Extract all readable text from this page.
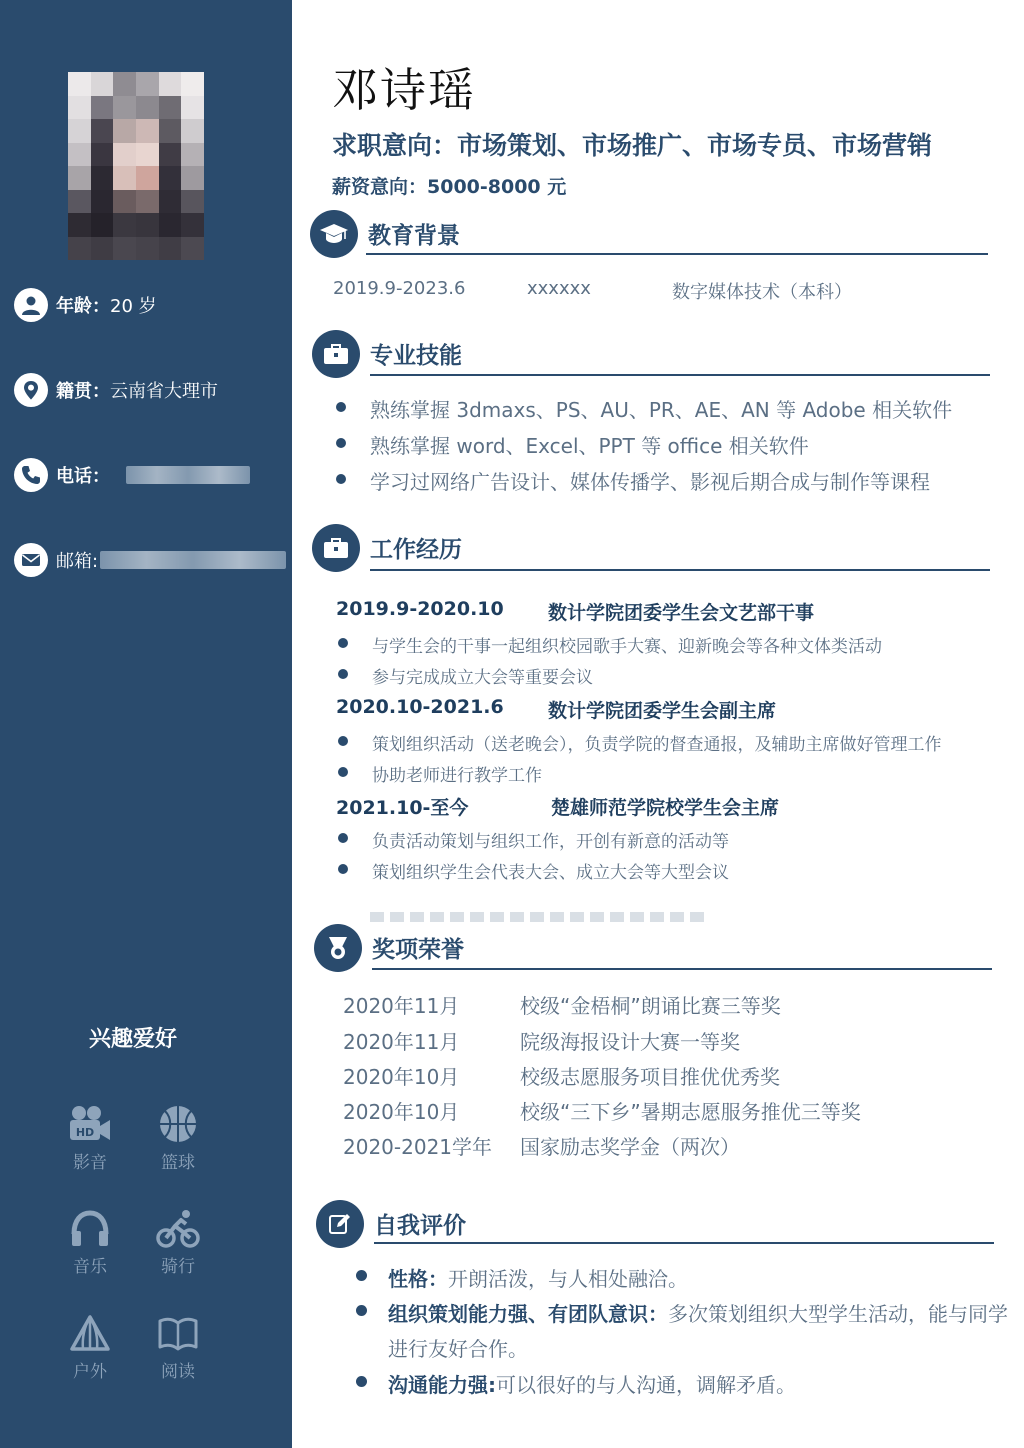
年龄： 20 岁
籍贯： 云南省大理市
电话：
邮箱:
兴趣爱好
HD
影音	篮球
音乐	骑行
户外	阅读
邓诗瑶
求职意向：市场策划、市场推广、市场专员、市场营销
薪资意向：5000-8000 元
教育背景
2019.9-2023.6	xxxxxx	数字媒体技术（本科）
专业技能
熟练掌握 3dmaxs、PS、AU、PR、AE、AN 等 Adobe 相关软件
熟练掌握 word、Excel、PPT 等 office 相关软件
学习过网络广告设计、媒体传播学、影视后期合成与制作等课程
工作经历
2019.9-2020.10 数计学院团委学生会文艺部干事
与学生会的干事一起组织校园歌手大赛、迎新晚会等各种文体类活动
参与完成成立大会等重要会议
2020.10-2021.6 数计学院团委学生会副主席
策划组织活动（送老晚会），负责学院的督查通报，及辅助主席做好管理工作
协助老师进行教学工作
2021.10-至今	楚雄师范学院校学生会主席
负责活动策划与组织工作，开创有新意的活动等
策划组织学生会代表大会、成立大会等大型会议
奖项荣誉
2020年11月	校级“金梧桐”朗诵比赛三等奖
2020年11月	院级海报设计大赛一等奖
2020年10月	校级志愿服务项目推优优秀奖
2020年10月	校级“三下乡”暑期志愿服务推优三等奖
2020-2021学年 国家励志奖学金（两次）
自我评价
性格：开朗活泼，与人相处融洽。
组织策划能力强、有团队意识：多次策划组织大型学生活动，能与同学进行友好合作。
沟通能力强:可以很好的与人沟通，调解矛盾。
